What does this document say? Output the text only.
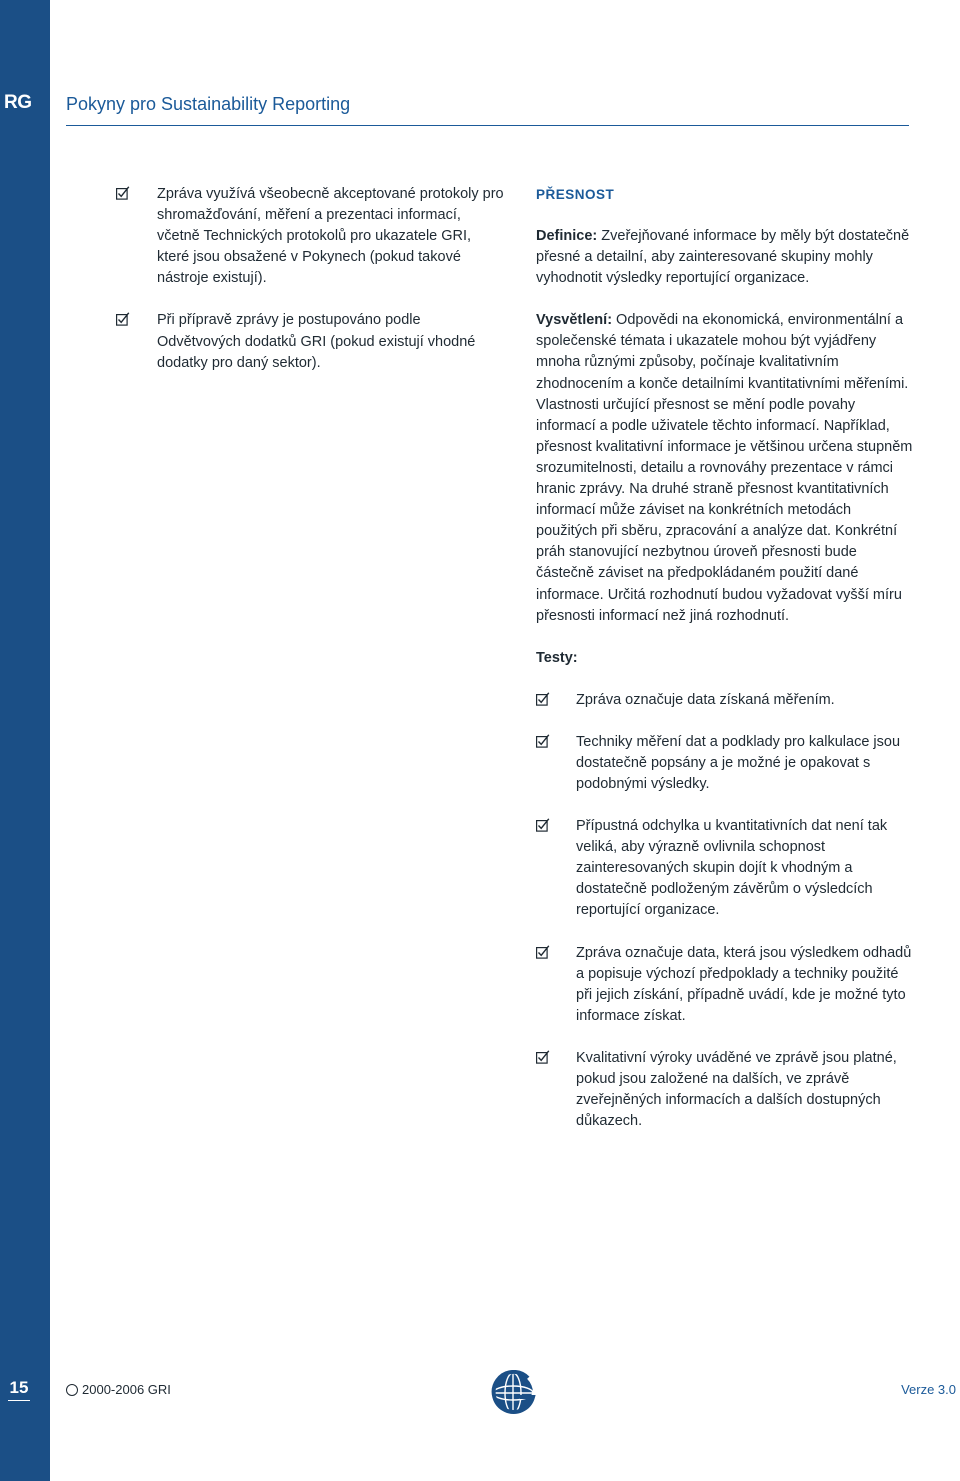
RG
15
Pokyny pro Sustainability Reporting
Zpráva využívá všeobecně akceptované protokoly pro shromažďování, měření a prezentaci informací, včetně Technických protokolů pro ukazatele GRI, které jsou obsažené v Pokynech (pokud takové nástroje existují).
Při přípravě zprávy je postupováno podle Odvětvových dodatků GRI (pokud existují vhodné dodatky pro daný sektor).
PŘESNOST

Definice: Zveřejňované informace by měly být dostatečně přesné a detailní, aby zainteresované skupiny mohly vyhodnotit výsledky reportující organizace.

Vysvětlení: Odpovědi na ekonomická, environmentální a společenské témata i ukazatele mohou být vyjádřeny mnoha různými způsoby, počínaje kvalitativním zhodnocením a konče detailními kvantitativními měřeními. Vlastnosti určující přesnost se mění podle povahy informací a podle uživatele těchto informací. Například, přesnost kvalitativní informace je většinou určena stupněm srozumitelnosti, detailu a rovnováhy prezentace v rámci hranic zprávy. Na druhé straně přesnost kvantitativních informací může záviset na konkrétních metodách použitých při sběru, zpracování a analýze dat. Konkrétní práh stanovující nezbytnou úroveň přesnosti bude částečně záviset na předpokládaném použití dané informace. Určitá rozhodnutí budou vyžadovat vyšší míru přesnosti informací než jiná rozhodnutí.

Testy:
Zpráva označuje data získaná měřením.
Techniky měření dat a podklady pro kalkulace jsou dostatečně popsány a je možné je opakovat s podobnými výsledky.
Přípustná odchylka u kvantitativních dat není tak veliká, aby výrazně ovlivnila schopnost zainteresovaných skupin dojít k vhodným a dostatečně podloženým závěrům o výsledcích reportující organizace.
Zpráva označuje data, která jsou výsledkem odhadů a popisuje výchozí předpoklady a techniky použité při jejich získání, případně uvádí, kde je možné tyto informace získat.
Kvalitativní výroky uváděné ve zprávě jsou platné, pokud jsou založené na dalších, ve zprávě zveřejněných informacích a dalších dostupných důkazech.
2000-2006 GRI	Verze 3.0
